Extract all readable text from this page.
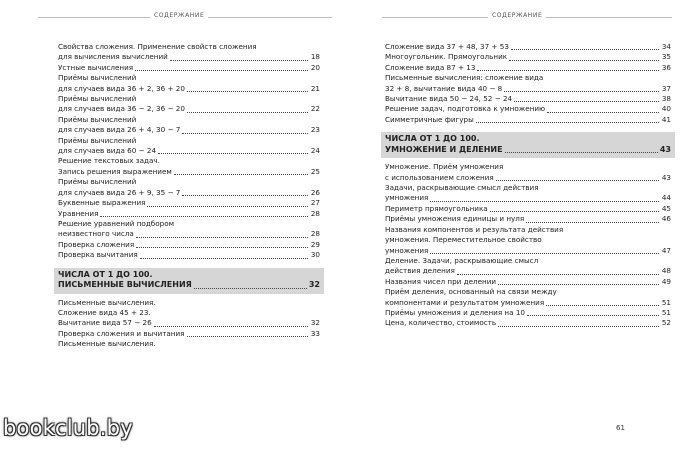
СОДЕРЖАНИЕ
Свойства сложения. Применение свойств сложения
для вычисления вычислений	18
Устные вычисления	20
Приёмы вычислений
для случаев вида 36 + 2, 36 + 20	21
Приёмы вычислений
для случаев вида 36 − 2, 36 − 20	22
Приёмы вычислений
для случаев вида 26 + 4, 30 − 7	23
Приёмы вычислений
для случаев вида 60 − 24	24
Решение текстовых задач.
Запись решения выражением	25
Приёмы вычислений
для случаев вида 26 + 9, 35 − 7	26
Буквенные выражения	27
Уравнения	28
Решение уравнений подбором
неизвестного числа	28
Проверка сложения	29
Проверка вычитания	30
ЧИСЛА ОТ 1 ДО 100.
ПИСЬМЕННЫЕ ВЫЧИСЛЕНИЯ	32
Письменные вычисления.
Сложение вида 45 + 23.
Вычитание вида 57 − 26	32
Проверка сложения и вычитания	33
Письменные вычисления.
СОДЕРЖАНИЕ
Сложение вида 37 + 48, 37 + 53	34
Многоугольник. Прямоугольник	35
Сложение вида 87 + 13	36
Письменные вычисления: сложение вида
32 + 8, вычитание вида 40 − 8	37
Вычитание вида 50 − 24, 52 − 24	38
Решение задач, подготовка к умножению	40
Симметричные фигуры	41
ЧИСЛА ОТ 1 ДО 100.
УМНОЖЕНИЕ И ДЕЛЕНИЕ	43
Умножение. Приём умножения
с использованием сложения	43
Задачи, раскрывающие смысл действия
умножения	44
Периметр прямоугольника	45
Приёмы умножения единицы и нуля	46
Названия компонентов и результата действия
умножения. Переместительное свойство
умножения	47
Деление. Задачи, раскрывающие смысл
действия деления	48
Названия чисел при делении	49
Приём деления, основанный на связи между
компонентами и результатом умножения	51
Приёмы умножения и деления на 10	51
Цена, количество, стоимость	52
61
bookclub.by
